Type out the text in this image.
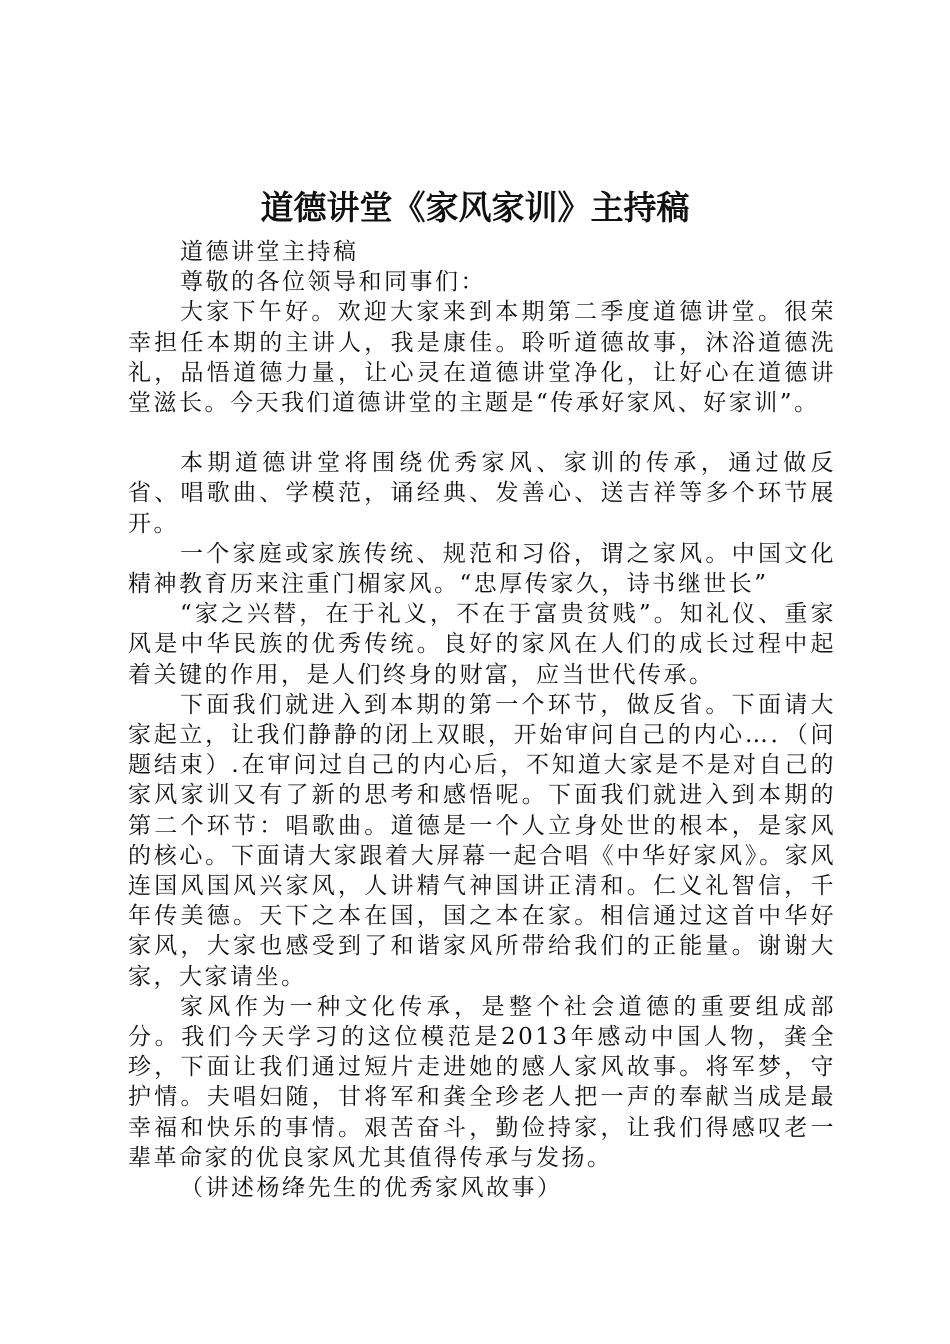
道德讲堂《家风家训》主持稿

道德讲堂主持稿

尊敬的各位领导和同事们：

大家下午好。欢迎大家来到本期第二季度道德讲堂。很荣幸担任本期的主讲人，我是康佳。聆听道德故事，沐浴道德洗礼，品悟道德力量，让心灵在道德讲堂净化，让好心在道德讲堂滋长。今天我们道德讲堂的主题是“传承好家风、好家训”。

本期道德讲堂将围绕优秀家风、家训的传承，通过做反省、唱歌曲、学模范，诵经典、发善心、送吉祥等多个环节展开。

一个家庭或家族传统、规范和习俗，谓之家风。中国文化精神教育历来注重门楣家风。“忠厚传家久，诗书继世长”

“家之兴替，在于礼义，不在于富贵贫贱”。知礼仪、重家风是中华民族的优秀传统。良好的家风在人们的成长过程中起着关键的作用，是人们终身的财富，应当世代传承。

下面我们就进入到本期的第一个环节，做反省。下面请大家起立，让我们静静的闭上双眼，开始审问自己的内心…．（问题结束）.在审问过自己的内心后，不知道大家是不是对自己的家风家训又有了新的思考和感悟呢。下面我们就进入到本期的第二个环节：唱歌曲。道德是一个人立身处世的根本，是家风的核心。下面请大家跟着大屏幕一起合唱《中华好家风》。家风连国风国风兴家风，人讲精气神国讲正清和。仁义礼智信，千年传美德。天下之本在国，国之本在家。相信通过这首中华好家风，大家也感受到了和谐家风所带给我们的正能量。谢谢大家，大家请坐。

家风作为一种文化传承，是整个社会道德的重要组成部分。我们今天学习的这位模范是2013年感动中国人物，龚全珍，下面让我们通过短片走进她的感人家风故事。将军梦，守护情。夫唱妇随，甘将军和龚全珍老人把一声的奉献当成是最幸福和快乐的事情。艰苦奋斗，勤俭持家，让我们得感叹老一辈革命家的优良家风尤其值得传承与发扬。

（讲述杨绛先生的优秀家风故事）
